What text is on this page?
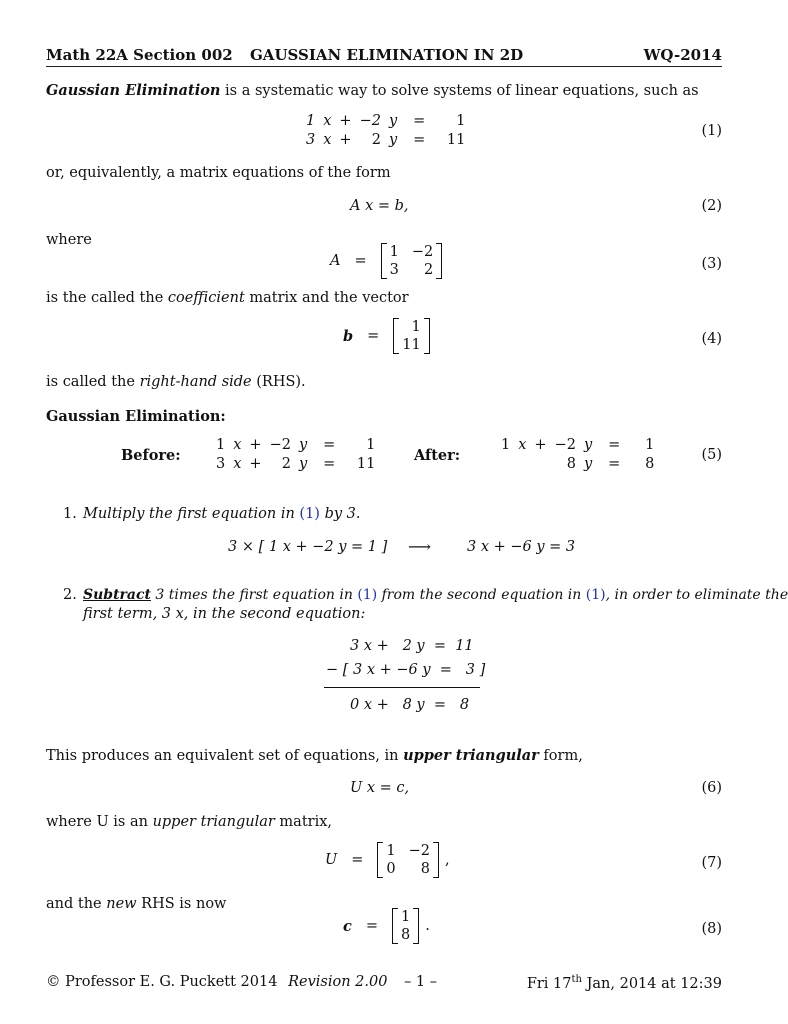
Math 22A Section 002 GAUSSIAN ELIMINATION IN 2D	WQ-2014
Gaussian Elimination is a systematic way to solve systems of linear equations, such as
1	x	+	−2	y	=	1
3	x	+	2	y	=	11
(1)
or, equivalently, a matrix equations of the form
A x = b,	(2)
where
A =
1	−2
3	2	(3)
is the called the coefficient matrix and the vector
b =
1
11	(4)
is called the right-hand side (RHS).
Gaussian Elimination:
Before:
1	x	+	−2	y	=	1
3	x	+	2	y	=	11	After:
1	x	+	−2	y	=	1
			8	y	=	8
(5)
1. Multiply the first equation in (1) by 3.
3 × [ 1 x + −2 y = 1 ] ⟶ 3 x + −6 y = 3
2. Subtract 3 times the first equation in (1) from the second equation in (1), in order to eliminate the
first term, 3 x, in the second equation:
3 x +   2 y  =  11
− [ 3 x + −6 y  =   3 ]
0 x +   8 y  =   8
This produces an equivalent set of equations, in upper triangular form,
U x = c,	(6)
where U is an upper triangular matrix,
U =
1	−2
0	8
,	(7)
and the new RHS is now
c =
1
8
.	(8)
© Professor E. G. Puckett 2014 Revision 2.00 – 1 –	Fri 17th Jan, 2014 at 12:39
